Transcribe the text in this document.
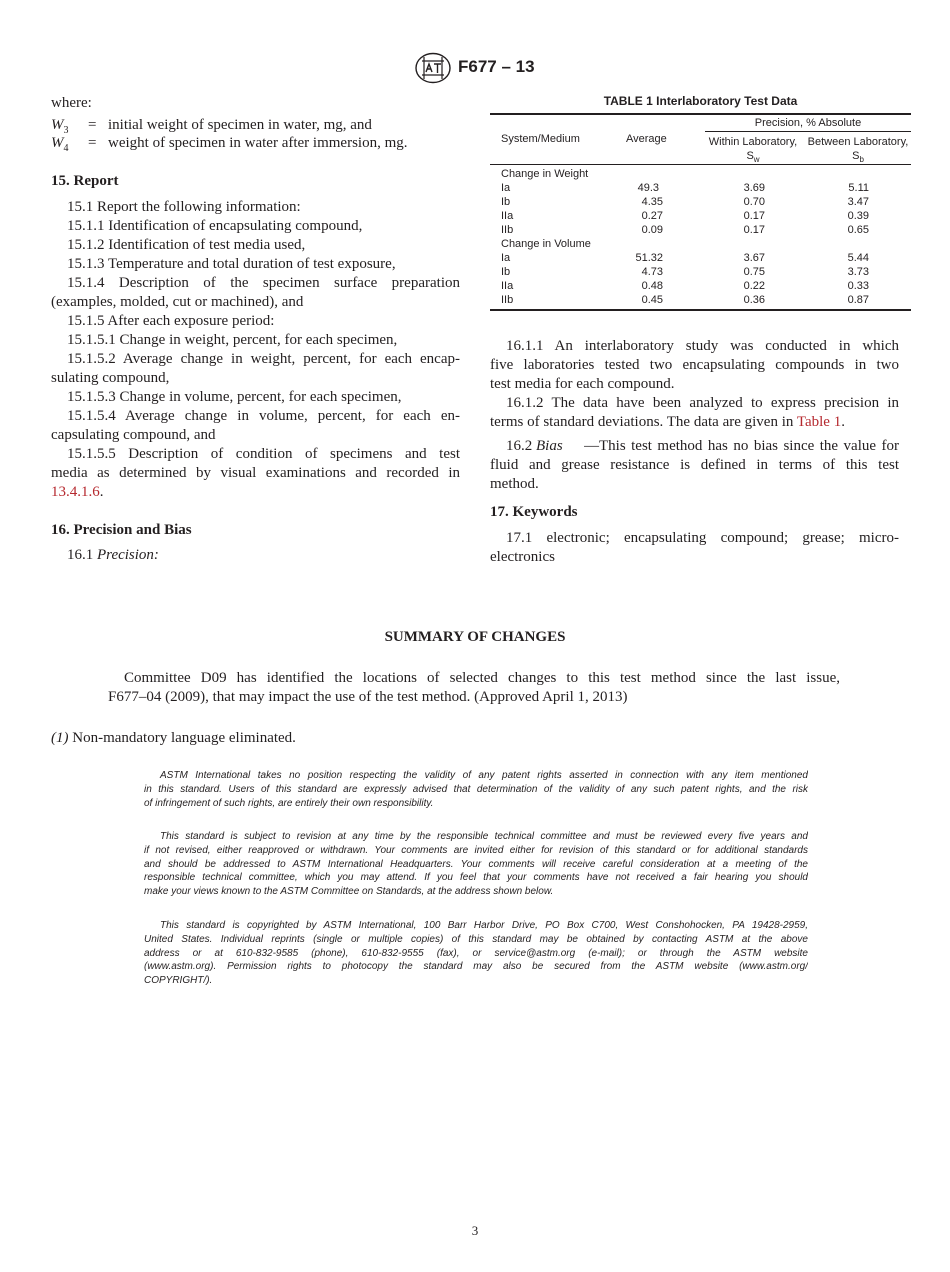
F677 – 13
where:
$W_3$ = initial weight of specimen in water, mg, and
$W_4$ = weight of specimen in water after immersion, mg.
15. Report
15.1 Report the following information:
15.1.1 Identification of encapsulating compound,
15.1.2 Identification of test media used,
15.1.3 Temperature and total duration of test exposure,
15.1.4 Description of the specimen surface preparation
(examples, molded, cut or machined), and
15.1.5 After each exposure period:
15.1.5.1 Change in weight, percent, for each specimen,
15.1.5.2 Average change in weight, percent, for each encap-
sulating compound,
15.1.5.3 Change in volume, percent, for each specimen,
15.1.5.4 Average change in volume, percent, for each en-
capsulating compound, and
15.1.5.5 Description of condition of specimens and test
media as determined by visual examinations and recorded in
13.4.1.6.
16. Precision and Bias
16.1 Precision:
TABLE 1 Interlaboratory Test Data
System/Medium	Average
Precision, % Absolute
Within Laboratory,
$S_w$
Between Laboratory,
$S_b$
Change in Weight
Ia	49.3	3.69	5.11
Ib	4.35	0.70	3.47
IIa	0.27	0.17	0.39
IIb	0.09	0.17	0.65
Change in Volume
Ia	51.32	3.67	5.44
Ib	4.73	0.75	3.73
IIa	0.48	0.22	0.33
IIb	0.45	0.36	0.87
16.1.1 An interlaboratory study was conducted in which
five laboratories tested two encapsulating compounds in two
test media for each compound.
16.1.2 The data have been analyzed to express precision in
terms of standard deviations. The data are given in Table 1.
16.2 Bias —This test method has no bias since the value for
fluid and grease resistance is defined in terms of this test
method.
17. Keywords
17.1 electronic; encapsulating compound; grease; micro-
electronics
SUMMARY OF CHANGES
Committee D09 has identified the locations of selected changes to this test method since the last issue,
F677–04 (2009), that may impact the use of the test method. (Approved April 1, 2013)
(1) Non-mandatory language eliminated.
ASTM International takes no position respecting the validity of any patent rights asserted in connection with any item mentioned
in this standard. Users of this standard are expressly advised that determination of the validity of any such patent rights, and the risk
of infringement of such rights, are entirely their own responsibility.
This standard is subject to revision at any time by the responsible technical committee and must be reviewed every five years and
if not revised, either reapproved or withdrawn. Your comments are invited either for revision of this standard or for additional standards
and should be addressed to ASTM International Headquarters. Your comments will receive careful consideration at a meeting of the
responsible technical committee, which you may attend. If you feel that your comments have not received a fair hearing you should
make your views known to the ASTM Committee on Standards, at the address shown below.
This standard is copyrighted by ASTM International, 100 Barr Harbor Drive, PO Box C700, West Conshohocken, PA 19428-2959,
United States. Individual reprints (single or multiple copies) of this standard may be obtained by contacting ASTM at the above
address or at 610-832-9585 (phone), 610-832-9555 (fax), or service@astm.org (e-mail); or through the ASTM website
(www.astm.org). Permission rights to photocopy the standard may also be secured from the ASTM website (www.astm.org/
COPYRIGHT/).
3
